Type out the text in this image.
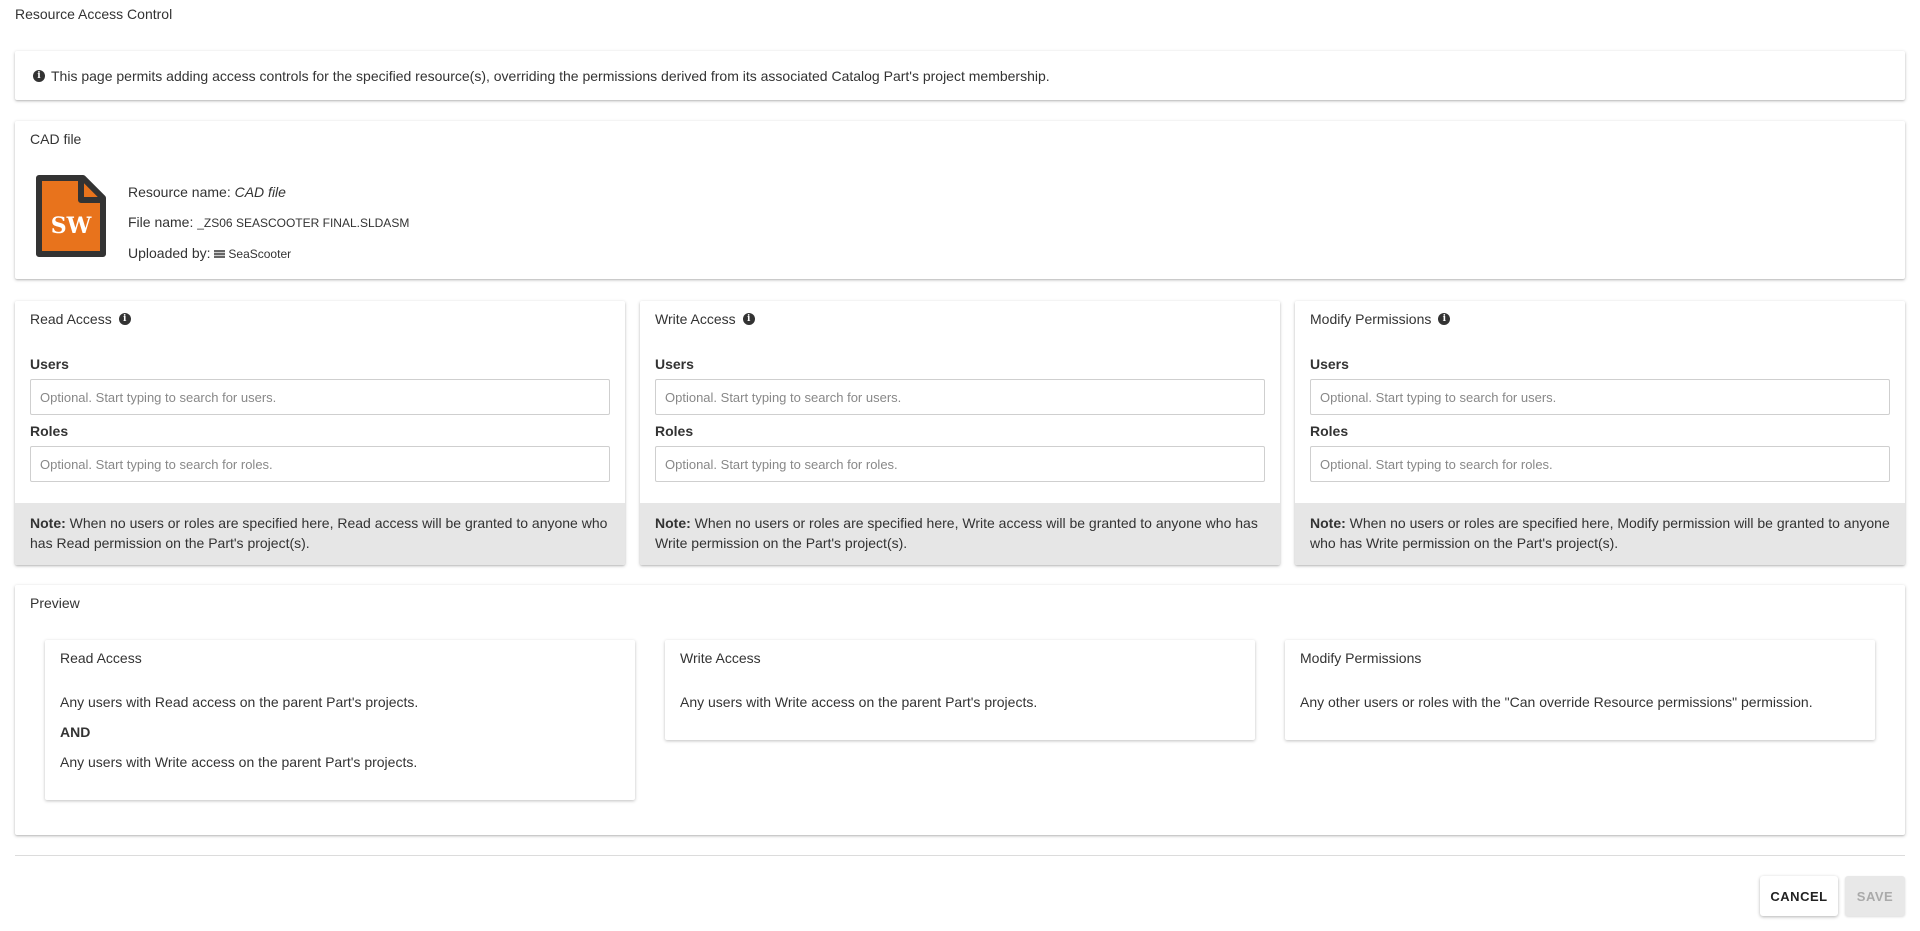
Resource Access Control
i This page permits adding access controls for the specified resource(s), overriding the permissions derived from its associated Catalog Part's project membership.
CAD file
SW
Resource name: CAD file
File name: _ZS06 SEASCOOTER FINAL.SLDASM
Uploaded by: SeaScooter
Read Access	i
Users
Optional. Start typing to search for users.
Roles
Optional. Start typing to search for roles.
Note: When no users or roles are specified here, Read access will be granted to anyone who has Read permission on the Part's project(s).
Write Access	i
Users
Optional. Start typing to search for users.
Roles
Optional. Start typing to search for roles.
Note: When no users or roles are specified here, Write access will be granted to anyone who has Write permission on the Part's project(s).
Modify Permissions	i
Users
Optional. Start typing to search for users.
Roles
Optional. Start typing to search for roles.
Note: When no users or roles are specified here, Modify permission will be granted to anyone who has Write permission on the Part's project(s).
Preview
Read Access
Any users with Read access on the parent Part's projects.
AND
Any users with Write access on the parent Part's projects.
Write Access
Any users with Write access on the parent Part's projects.
Modify Permissions
Any other users or roles with the "Can override Resource permissions" permission.
CANCEL	SAVE
